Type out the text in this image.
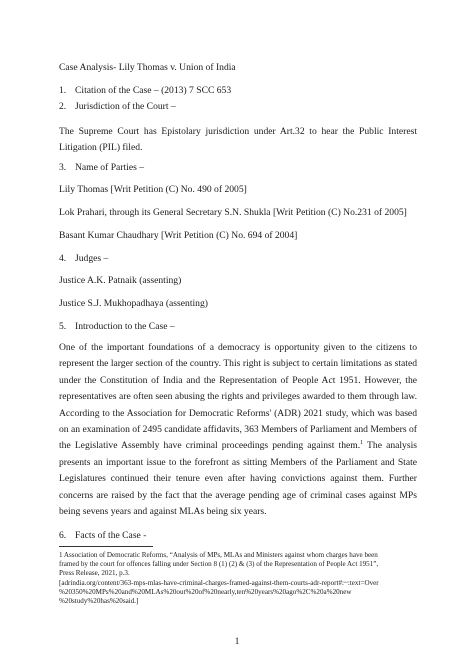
Case Analysis- Lily Thomas v. Union of India
1. Citation of the Case – (2013) 7 SCC 653
2. Jurisdiction of the Court –
The Supreme Court has Epistolary jurisdiction under Art.32 to hear the Public Interest
Litigation (PIL) filed.
3. Name of Parties –
Lily Thomas [Writ Petition (C) No. 490 of 2005]
Lok Prahari, through its General Secretary S.N. Shukla [Writ Petition (C) No.231 of 2005]
Basant Kumar Chaudhary [Writ Petition (C) No. 694 of 2004]
4. Judges –
Justice A.K. Patnaik (assenting)
Justice S.J. Mukhopadhaya (assenting)
5. Introduction to the Case –
One of the important foundations of a democracy is opportunity given to the citizens to
represent the larger section of the country. This right is subject to certain limitations as stated
under the Constitution of India and the Representation of People Act 1951. However, the
representatives are often seen abusing the rights and privileges awarded to them through law.
According to the Association for Democratic Reforms' (ADR) 2021 study, which was based
on an examination of 2495 candidate affidavits, 363 Members of Parliament and Members of
the Legislative Assembly have criminal proceedings pending against them.$^1$ The analysis
presents an important issue to the forefront as sitting Members of the Parliament and State
Legislatures continued their tenure even after having convictions against them. Further
concerns are raised by the fact that the average pending age of criminal cases against MPs
being sevens years and against MLAs being six years.
6. Facts of the Case -
1 Association of Democratic Reforms, “Analysis of MPs, MLAs and Ministers against whom charges have been
framed by the court for offences falling under Section 8 (1) (2) & (3) of the Representation of People Act 1951”,
Press Release, 2021, p.3.
[adrindia.org/content/363-mps-mlas-have-criminal-charges-framed-against-them-courts-adr-report#:~:text=Over
%20350%20MPs%20and%20MLAs%20out%20of%20nearly,ten%20years%20ago%2C%20a%20new
%20study%20has%20said.]
1
